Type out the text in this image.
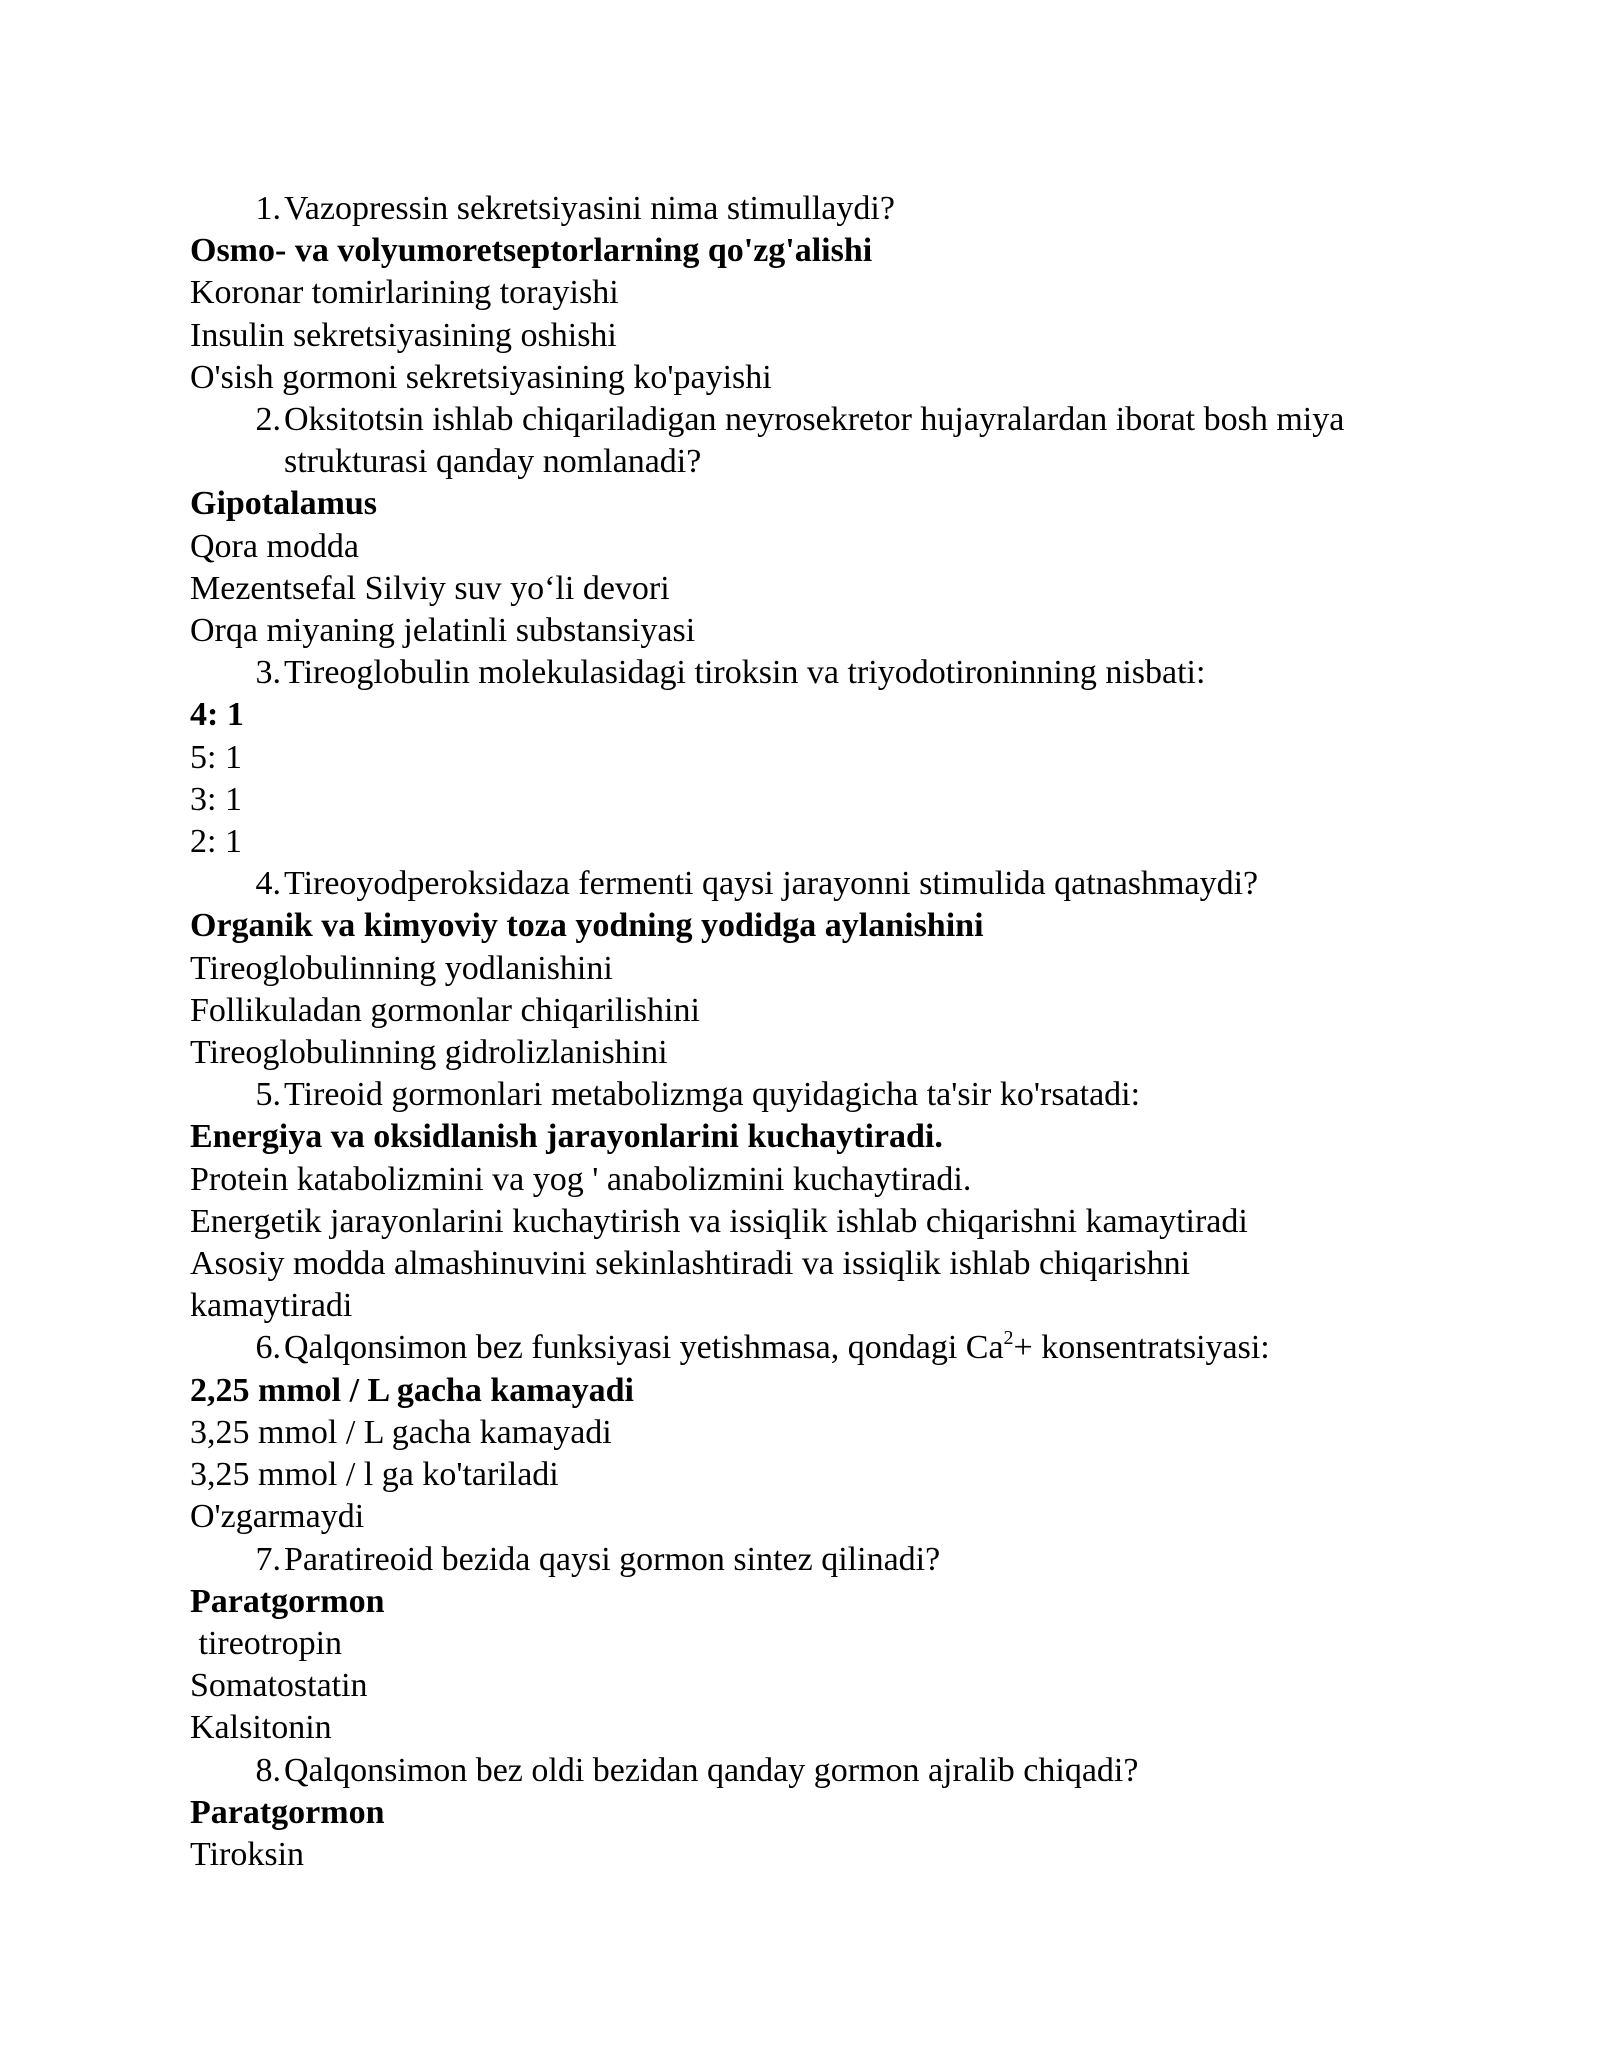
1. Vazopressin sekretsiyasini nima stimullaydi?
Osmo- va volyumoretseptorlarning qo'zg'alishi
Koronar tomirlarining torayishi
Insulin sekretsiyasining oshishi
O'sish gormoni sekretsiyasining ko'payishi
2. Oksitotsin ishlab chiqariladigan neyrosekretor hujayralardan iborat bosh miya strukturasi qanday nomlanadi?
Gipotalamus
Qora modda
Mezentsefal Silviy suv yo‘li devori
Orqa miyaning jelatinli substansiyasi
3. Tireoglobulin molekulasidagi tiroksin va triyodotironinning nisbati:
4: 1
5: 1
3: 1
2: 1
4. Tireoyodperoksidaza fermenti qaysi jarayonni stimulida qatnashmaydi?
Organik va kimyoviy toza yodning yodidga aylanishini
Tireoglobulinning yodlanishini
Follikuladan gormonlar chiqarilishini
Tireoglobulinning gidrolizlanishini
5. Tireoid gormonlari metabolizmga quyidagicha ta'sir ko'rsatadi:
Energiya va oksidlanish jarayonlarini kuchaytiradi.
Protein katabolizmini va yog ' anabolizmini kuchaytiradi.
Energetik jarayonlarini kuchaytirish va issiqlik ishlab chiqarishni kamaytiradi
Asosiy modda almashinuvini sekinlashtiradi va issiqlik ishlab chiqarishni kamaytiradi
6. Qalqonsimon bez funksiyasi yetishmasa, qondagi $Ca^2+$ konsentratsiyasi:
2,25 mmol / L gacha kamayadi
3,25 mmol / L gacha kamayadi
3,25 mmol / l ga ko'tariladi
O'zgarmaydi
7. Paratireoid bezida qaysi gormon sintez qilinadi?
Paratgormon
tireotropin
Somatostatin
Kalsitonin
8. Qalqonsimon bez oldi bezidan qanday gormon ajralib chiqadi?
Paratgormon
Tiroksin
